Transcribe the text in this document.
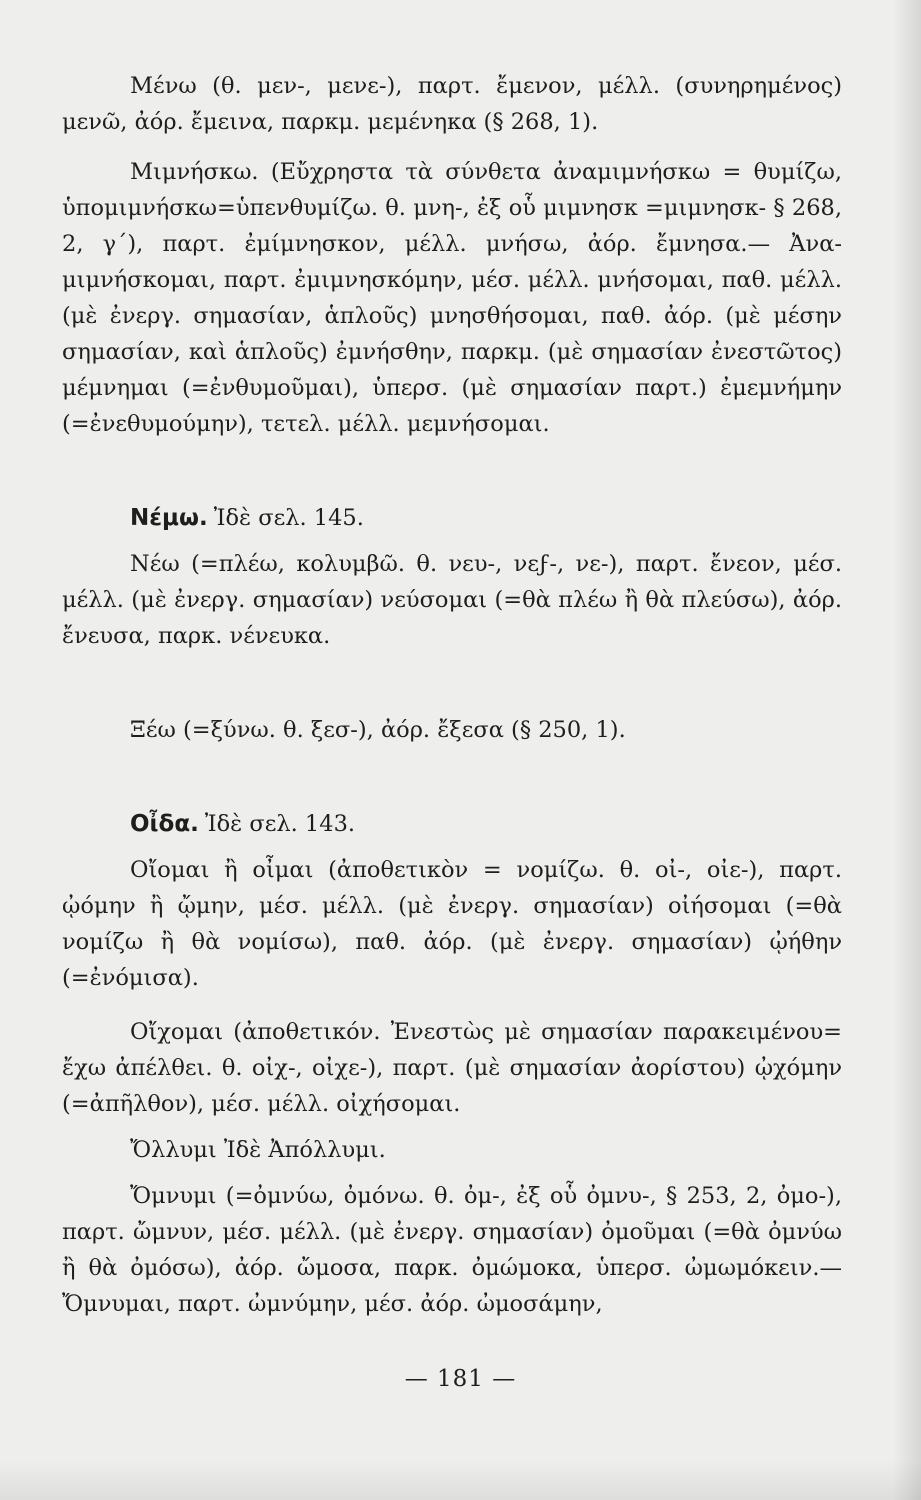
Μένω (θ. μεν-, μενε-), παρτ. ἔμενον, μέλλ. (συνηρημένος) μενῶ, ἀόρ. ἔμεινα, παρκμ. μεμένηκα (§ 268, 1).

Μιμνήσκω. (Εὔχρηστα τὰ σύνθετα ἀναμιμνήσκω = θυμίζω, ὑπομιμνήσκω=ὑπενθυμίζω. θ. μνη-, ἐξ οὗ μιμνησκ =μιμνησκ- § 268, 2, γ΄), παρτ. ἐμίμνησκον, μέλλ. μνήσω, ἀόρ. ἔμνησα.— Ἀνα-μιμνήσκομαι, παρτ. ἐμιμνησκόμην, μέσ. μέλλ. μνήσομαι, παθ. μέλλ. (μὲ ἐνεργ. σημασίαν, ἁπλοῦς) μνησθήσομαι, παθ. ἀόρ. (μὲ μέσην σημασίαν, καὶ ἁπλοῦς) ἐμνήσθην, παρκμ. (μὲ σημασίαν ἐνεστῶτος) μέμνημαι (=ἐνθυμοῦμαι), ὑπερσ. (μὲ σημασίαν παρτ.) ἐμεμνήμην (=ἐνεθυμούμην), τετελ. μέλλ. μεμνήσομαι.

Νέμω. Ἰδὲ σελ. 145.

Νέω (=πλέω, κολυμβῶ. θ. νευ-, νεϝ-, νε-), παρτ. ἔνεον, μέσ. μέλλ. (μὲ ἐνεργ. σημασίαν) νεύσομαι (=θὰ πλέω ἢ θὰ πλεύσω), ἀόρ. ἔνευσα, παρκ. νένευκα.

Ξέω (=ξύνω. θ. ξεσ-), ἀόρ. ἔξεσα (§ 250, 1).

Οἶδα. Ἰδὲ σελ. 143.

Οἴομαι ἢ οἶμαι (ἀποθετικὸν = νομίζω. θ. οἰ-, οἰε-), παρτ. ᾠόμην ἢ ᾤμην, μέσ. μέλλ. (μὲ ἐνεργ. σημασίαν) οἰήσομαι (=θὰ νομίζω ἢ θὰ νομίσω), παθ. ἀόρ. (μὲ ἐνεργ. σημασίαν) ᾠήθην (=ἐνόμισα).

Οἴχομαι (ἀποθετικόν. Ἐνεστὼς μὲ σημασίαν παρακειμένου= ἔχω ἀπέλθει. θ. οἰχ-, οἰχε-), παρτ. (μὲ σημασίαν ἀορίστου) ᾠχόμην (=ἀπῆλθον), μέσ. μέλλ. οἰχήσομαι.

Ὄλλυμι Ἰδὲ Ἀπόλλυμι.

Ὄμνυμι (=ὀμνύω, ὀμόνω. θ. ὀμ-, ἐξ οὗ ὀμνυ-, § 253, 2, ὀμο-), παρτ. ὤμνυν, μέσ. μέλλ. (μὲ ἐνεργ. σημασίαν) ὀμοῦμαι (=θὰ ὀμνύω ἢ θὰ ὀμόσω), ἀόρ. ὤμοσα, παρκ. ὀμώμοκα, ὑπερσ. ὠμωμόκειν.— Ὄμνυμαι, παρτ. ὠμνύμην, μέσ. ἀόρ. ὠμοσάμην,

— 181 —
